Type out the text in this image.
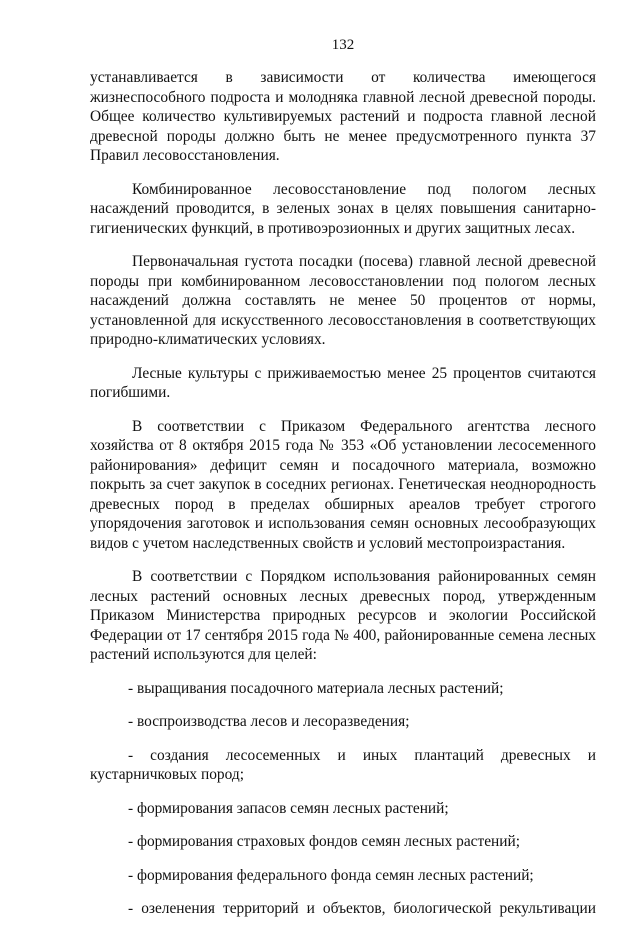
132

устанавливается в зависимости от количества имеющегося жизнеспособного подроста и молодняка главной лесной древесной породы. Общее количество культивируемых растений и подроста главной лесной древесной породы должно быть не менее предусмотренного пункта 37 Правил лесовосстановления.

Комбинированное лесовосстановление под пологом лесных насаждений проводится, в зеленых зонах в целях повышения санитарно-гигиенических функций, в противоэрозионных и других защитных лесах.

Первоначальная густота посадки (посева) главной лесной древесной породы при комбинированном лесовосстановлении под пологом лесных насаждений должна составлять не менее 50 процентов от нормы, установленной для искусственного лесовосстановления в соответствующих природно-климатических условиях.

Лесные культуры с приживаемостью менее 25 процентов считаются погибшими.

В соответствии с Приказом Федерального агентства лесного хозяйства от 8 октября 2015 года № 353 «Об установлении лесосеменного районирования» дефицит семян и посадочного материала, возможно покрыть за счет закупок в соседних регионах. Генетическая неоднородность древесных пород в пределах обширных ареалов требует строгого упорядочения заготовок и использования семян основных лесообразующих видов с учетом наследственных свойств и условий местопроизрастания.

В соответствии с Порядком использования районированных семян лесных растений основных лесных древесных пород, утвержденным Приказом Министерства природных ресурсов и экологии Российской Федерации от 17 сентября 2015 года № 400, районированные семена лесных растений используются для целей:

- выращивания посадочного материала лесных растений;

- воспроизводства лесов и лесоразведения;

- создания лесосеменных и иных плантаций древесных и кустарничковых пород;

- формирования запасов семян лесных растений;

- формирования страховых фондов семян лесных растений;

- формирования федерального фонда семян лесных растений;

- озеленения территорий и объектов, биологической рекультивации
